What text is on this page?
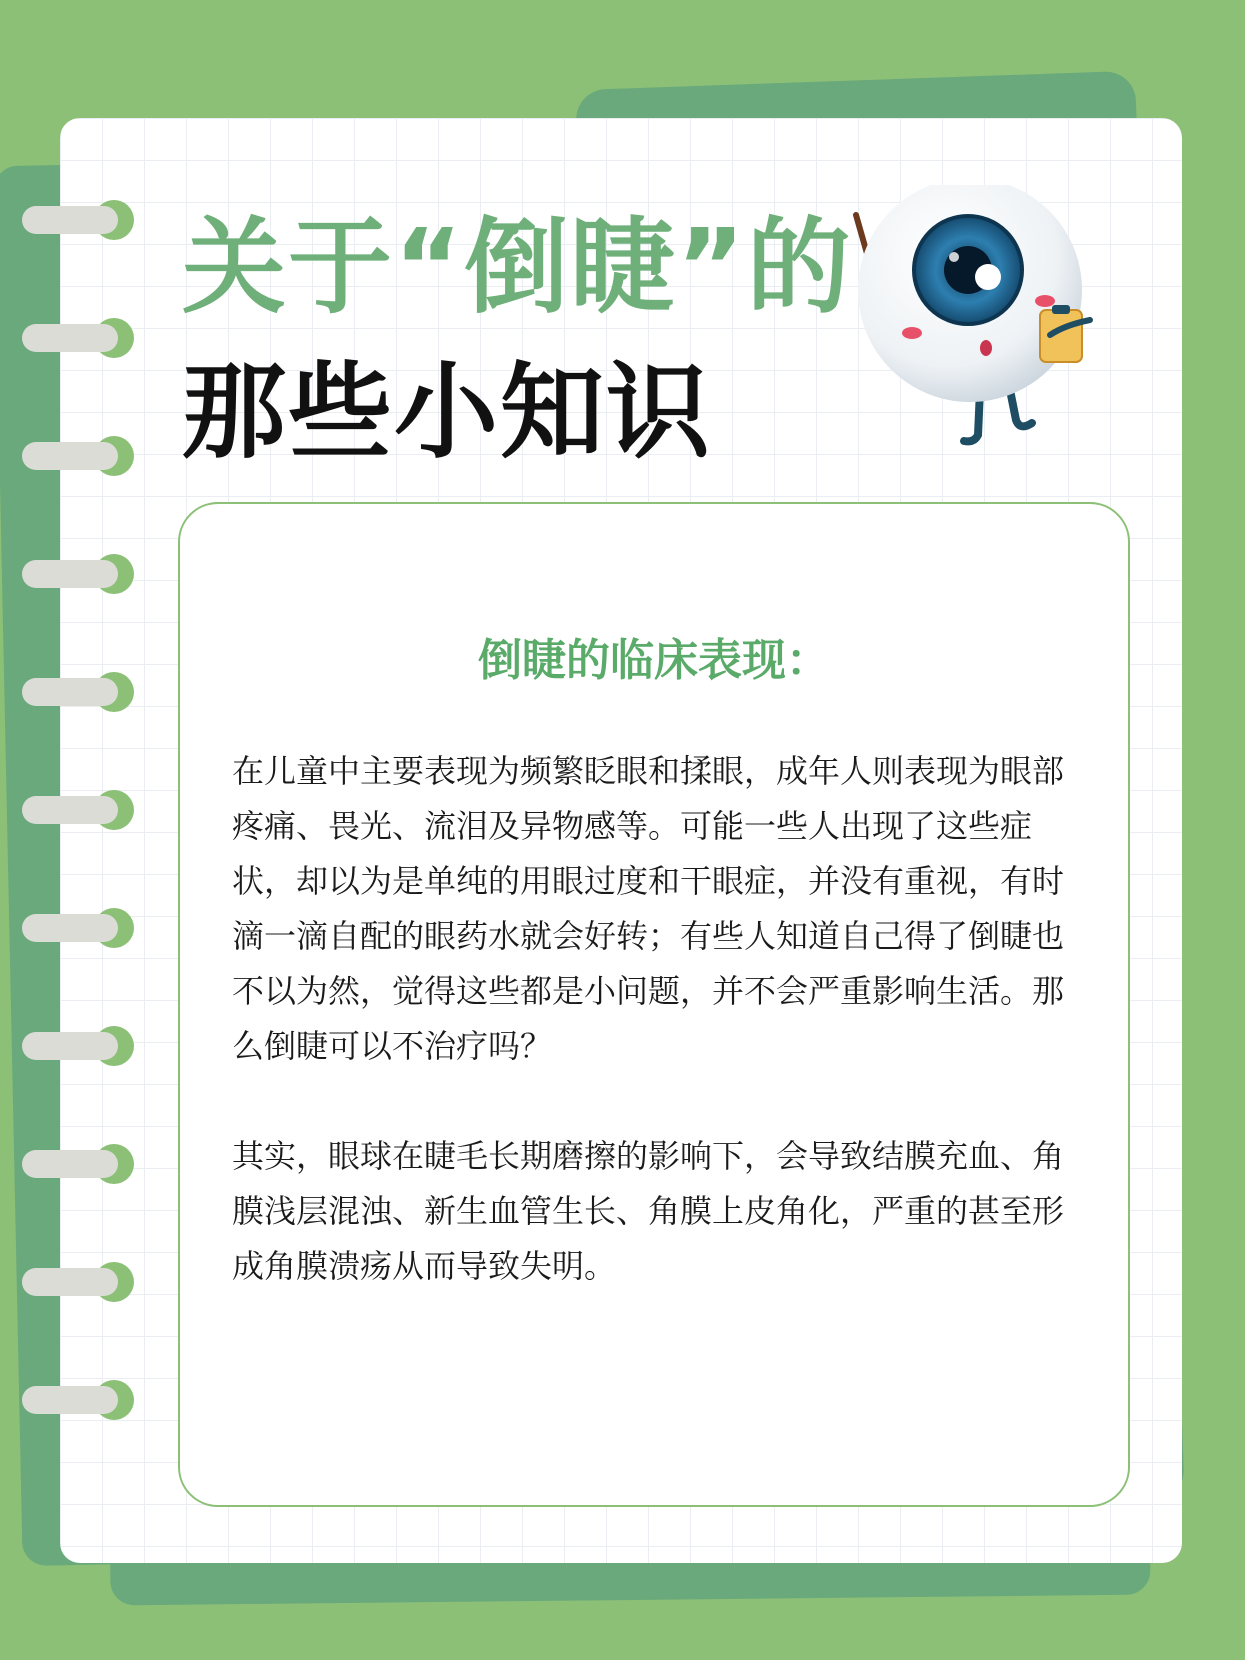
关于“倒睫”的
那些小知识
倒睫的临床表现：

在儿童中主要表现为频繁眨眼和揉眼，成年人则表现为眼部疼痛、畏光、流泪及异物感等。可能一些人出现了这些症状，却以为是单纯的用眼过度和干眼症，并没有重视，有时滴一滴自配的眼药水就会好转；有些人知道自己得了倒睫也不以为然，觉得这些都是小问题，并不会严重影响生活。那么倒睫可以不治疗吗？

其实，眼球在睫毛长期磨擦的影响下，会导致结膜充血、角膜浅层混浊、新生血管生长、角膜上皮角化，严重的甚至形成角膜溃疡从而导致失明。
